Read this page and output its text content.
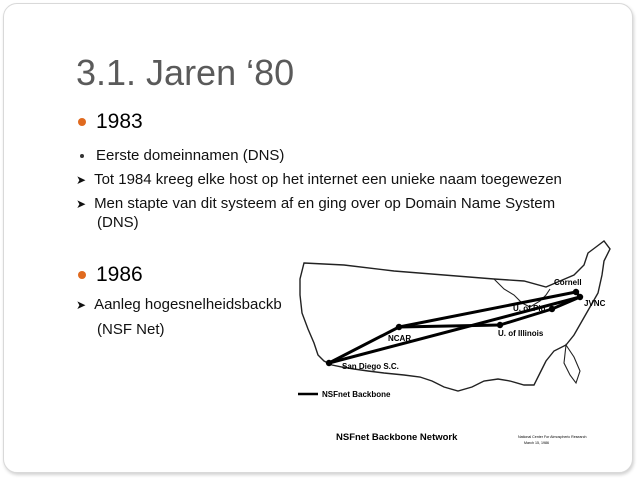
3.1. Jaren ‘80
1983
Eerste domeinnamen (DNS)
➤ Tot 1984 kreeg elke host op het internet een unieke naam toegewezen
➤ Men stapte van dit systeem af en ging over op Domain Name System
(DNS)
1986
➤ Aanleg hogesnelheidsbackb
(NSF Net)
Cornell
JVNC
U. of Pitt
U. of Illinois
NCAR
San Diego S.C.
NSFnet Backbone
NSFnet Backbone Network	National Center For Atmospheric Research
March 15, 1986
